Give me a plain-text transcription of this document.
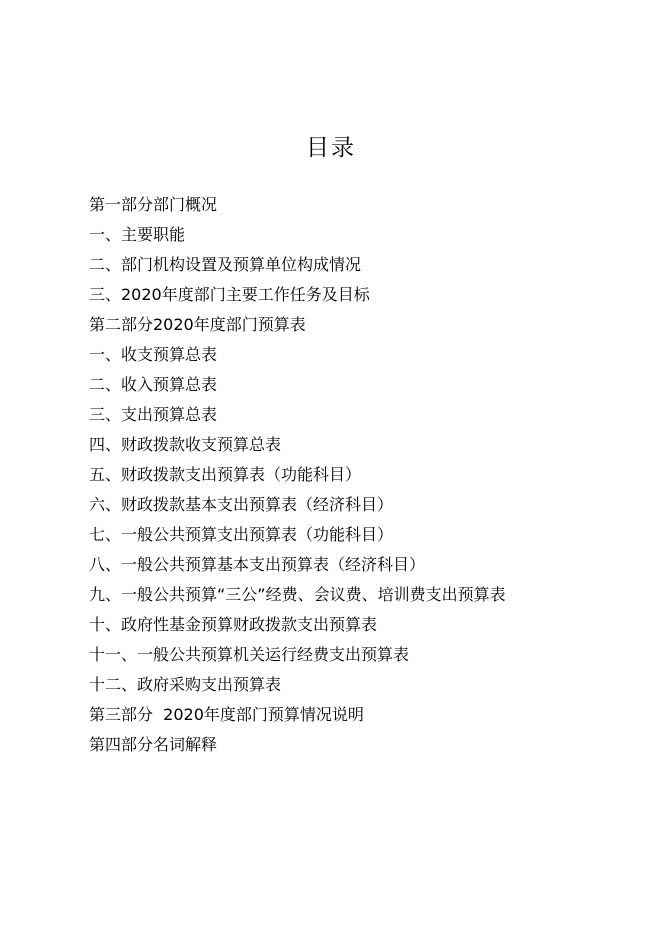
目录
第一部分部门概况
一、主要职能
二、部门机构设置及预算单位构成情况
三、2020年度部门主要工作任务及目标
第二部分2020年度部门预算表
一、收支预算总表
二、收入预算总表
三、支出预算总表
四、财政拨款收支预算总表
五、财政拨款支出预算表（功能科目）
六、财政拨款基本支出预算表（经济科目）
七、一般公共预算支出预算表（功能科目）
八、一般公共预算基本支出预算表（经济科目）
九、一般公共预算“三公”经费、会议费、培训费支出预算表
十、政府性基金预算财政拨款支出预算表
十一、一般公共预算机关运行经费支出预算表
十二、政府采购支出预算表
第三部分  2020年度部门预算情况说明
第四部分名词解释
